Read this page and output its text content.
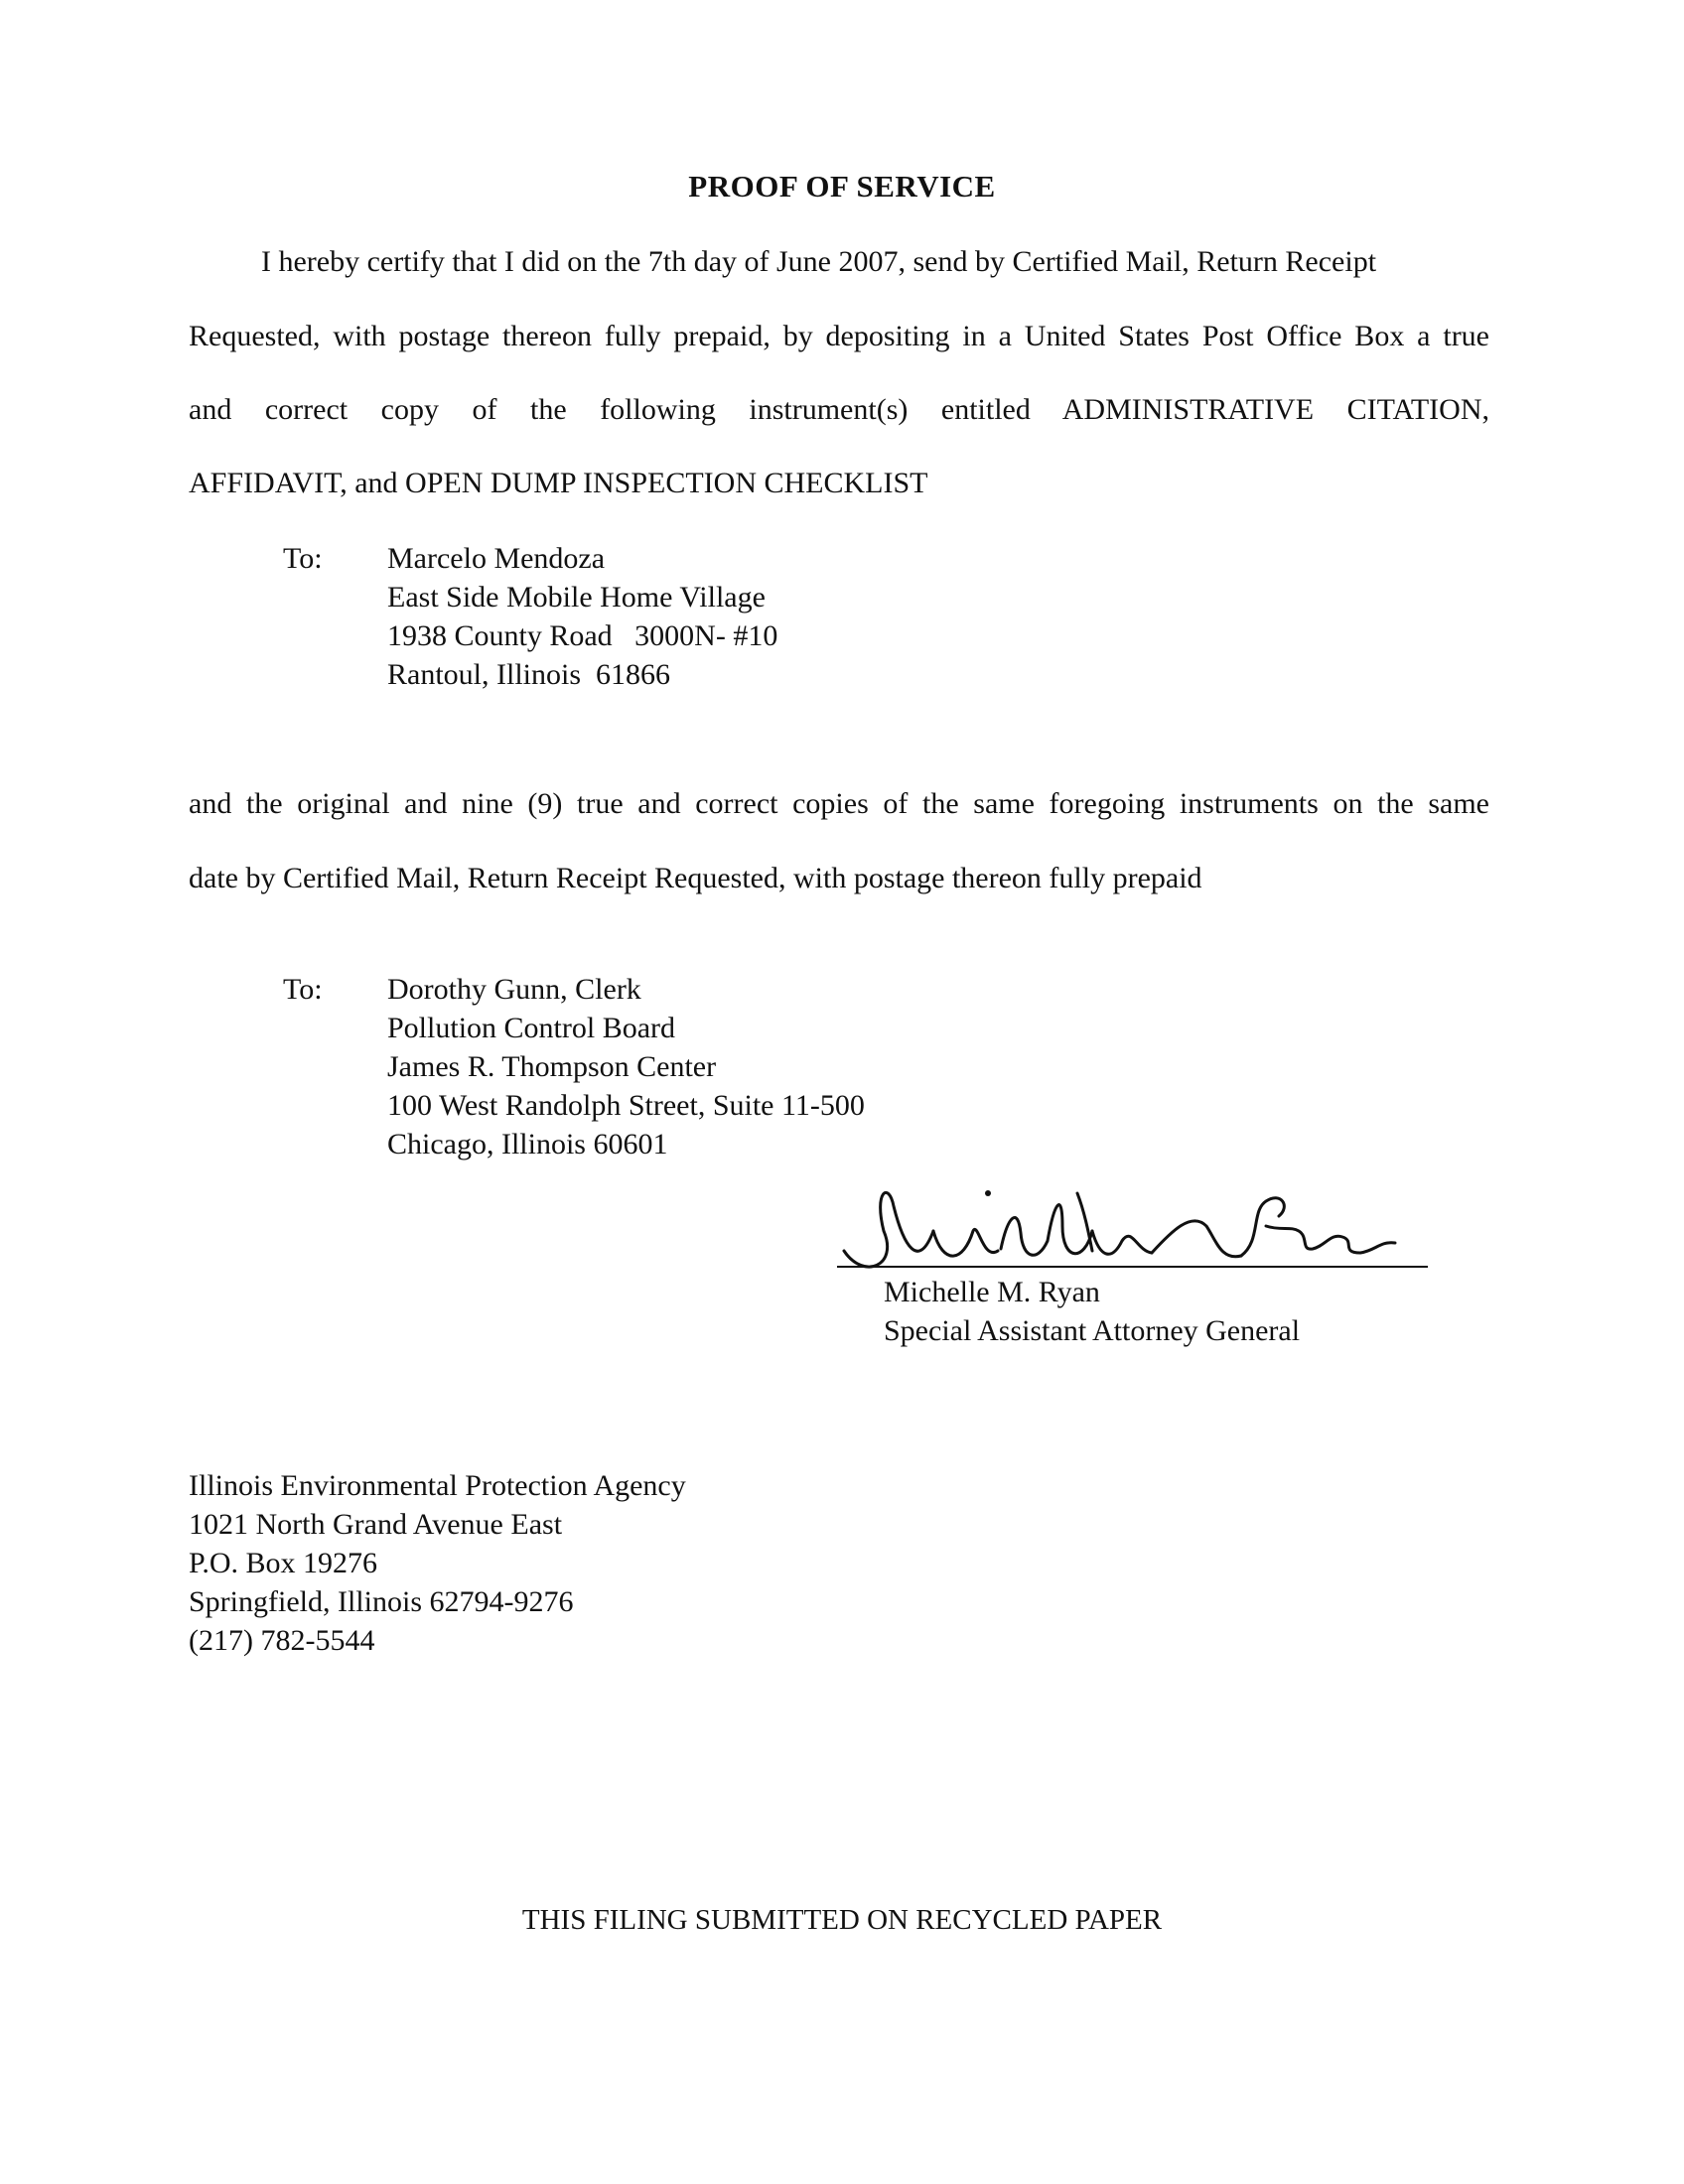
PROOF OF SERVICE
I hereby certify that I did on the 7th day of June 2007, send by Certified Mail, Return Receipt
Requested, with postage thereon fully prepaid, by depositing in a United States Post Office Box a true
and correct copy of the following instrument(s) entitled ADMINISTRATIVE CITATION,
AFFIDAVIT, and OPEN DUMP INSPECTION CHECKLIST
To: Marcelo Mendoza
East Side Mobile Home Village
1938 County Road   3000N- #10
Rantoul, Illinois  61866
and the original and nine (9) true and correct copies of the same foregoing instruments on the same
date by Certified Mail, Return Receipt Requested, with postage thereon fully prepaid
To: Dorothy Gunn, Clerk
Pollution Control Board
James R. Thompson Center
100 West Randolph Street, Suite 11-500
Chicago, Illinois 60601
Michelle M. Ryan
Special Assistant Attorney General
Illinois Environmental Protection Agency
1021 North Grand Avenue East
P.O. Box 19276
Springfield, Illinois 62794-9276
(217) 782-5544
THIS FILING SUBMITTED ON RECYCLED PAPER
